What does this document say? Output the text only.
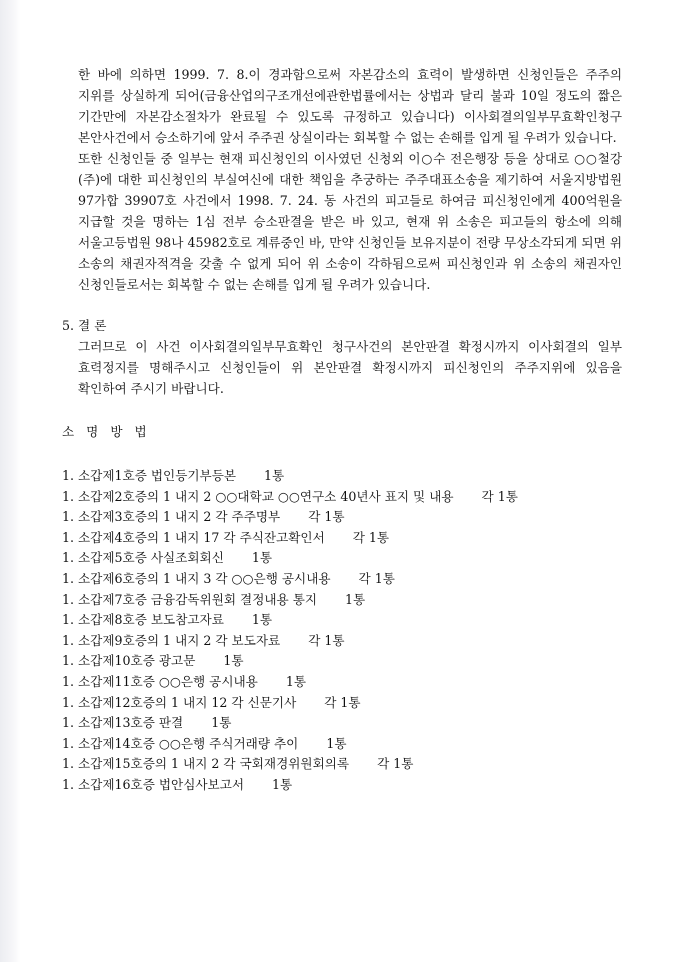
한 바에 의하면 1999. 7. 8.이 경과함으로써 자본감소의 효력이 발생하면 신청인들은 주주의 지위를 상실하게 되어(금융산업의구조개선에관한법률에서는 상법과 달리 불과 10일 정도의 짧은 기간만에 자본감소절차가 완료될 수 있도록 규정하고 있습니다) 이사회결의일부무효확인청구 본안사건에서 승소하기에 앞서 주주권 상실이라는 회복할 수 없는 손해를 입게 될 우려가 있습니다.

또한 신청인들 중 일부는 현재 피신청인의 이사였던 신청외 이○수 전은행장 등을 상대로 ○○철강(주)에 대한 피신청인의 부실여신에 대한 책임을 추궁하는 주주대표소송을 제기하여 서울지방법원 97가합 39907호 사건에서 1998. 7. 24. 동 사건의 피고들로 하여금 피신청인에게 400억원을 지급할 것을 명하는 1심 전부 승소판결을 받은 바 있고, 현재 위 소송은 피고들의 항소에 의해 서울고등법원 98나 45982호로 계류중인 바, 만약 신청인들 보유지분이 전량 무상소각되게 되면 위 소송의 채권자적격을 갖출 수 없게 되어 위 소송이 각하됨으로써 피신청인과 위 소송의 채권자인 신청인들로서는 회복할 수 없는 손해를 입게 될 우려가 있습니다.

5. 결 론

그러므로 이 사건 이사회결의일부무효확인 청구사건의 본안판결 확정시까지 이사회결의 일부 효력정지를 명해주시고 신청인들이 위 본안판결 확정시까지 피신청인의 주주지위에 있음을 확인하여 주시기 바랍니다.

소 명 방 법

1. 소갑제1호증 법인등기부등본 1통
1. 소갑제2호증의 1 내지 2 ○○대학교 ○○연구소 40년사 표지 및 내용 각 1통
1. 소갑제3호증의 1 내지 2 각 주주명부 각 1통
1. 소갑제4호증의 1 내지 17 각 주식잔고확인서 각 1통
1. 소갑제5호증 사실조회회신 1통
1. 소갑제6호증의 1 내지 3 각 ○○은행 공시내용 각 1통
1. 소갑제7호증 금융감독위원회 결정내용 통지 1통
1. 소갑제8호증 보도참고자료 1통
1. 소갑제9호증의 1 내지 2 각 보도자료 각 1통
1. 소갑제10호증 광고문 1통
1. 소갑제11호증 ○○은행 공시내용 1통
1. 소갑제12호증의 1 내지 12 각 신문기사 각 1통
1. 소갑제13호증 판결 1통
1. 소갑제14호증 ○○은행 주식거래량 추이 1통
1. 소갑제15호증의 1 내지 2 각 국회재경위원회의록 각 1통
1. 소갑제16호증 법안심사보고서 1통
